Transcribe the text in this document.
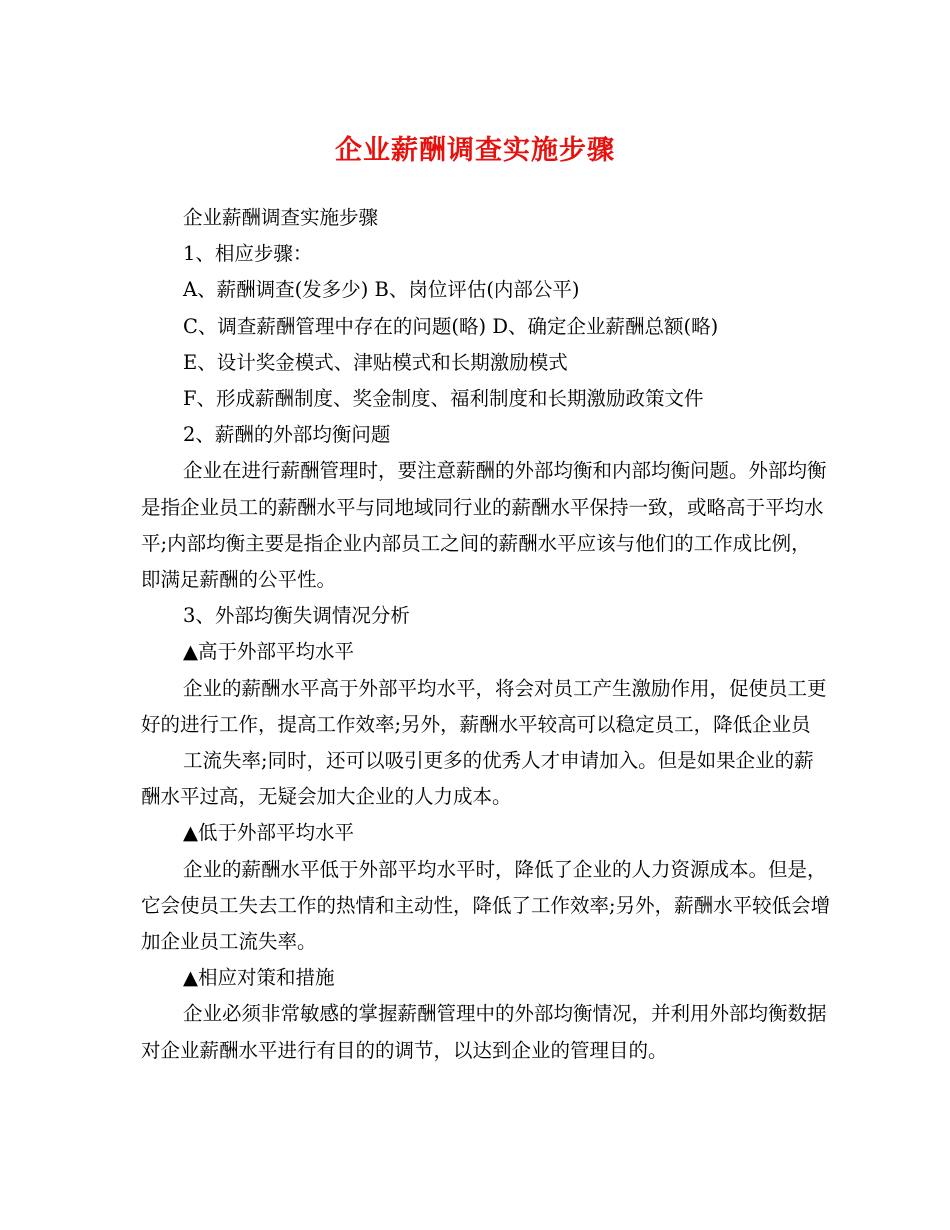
企业薪酬调查实施步骤

企业薪酬调查实施步骤

1、相应步骤：

A、薪酬调查(发多少) B、岗位评估(内部公平)

C、调查薪酬管理中存在的问题(略) D、确定企业薪酬总额(略)

E、设计奖金模式、津贴模式和长期激励模式

F、形成薪酬制度、奖金制度、福利制度和长期激励政策文件

2、薪酬的外部均衡问题

企业在进行薪酬管理时，要注意薪酬的外部均衡和内部均衡问题。外部均衡是指企业员工的薪酬水平与同地域同行业的薪酬水平保持一致，或略高于平均水平;内部均衡主要是指企业内部员工之间的薪酬水平应该与他们的工作成比例， 即满足薪酬的公平性。

3、外部均衡失调情况分析

▲高于外部平均水平

企业的薪酬水平高于外部平均水平，将会对员工产生激励作用，促使员工更好的进行工作，提高工作效率;另外，薪酬水平较高可以稳定员工，降低企业员

工流失率;同时，还可以吸引更多的优秀人才申请加入。但是如果企业的薪酬水平过高，无疑会加大企业的人力成本。

▲低于外部平均水平

企业的薪酬水平低于外部平均水平时，降低了企业的人力资源成本。但是， 它会使员工失去工作的热情和主动性，降低了工作效率;另外，薪酬水平较低会增加企业员工流失率。

▲相应对策和措施

企业必须非常敏感的掌握薪酬管理中的外部均衡情况，并利用外部均衡数据对企业薪酬水平进行有目的的调节，以达到企业的管理目的。
